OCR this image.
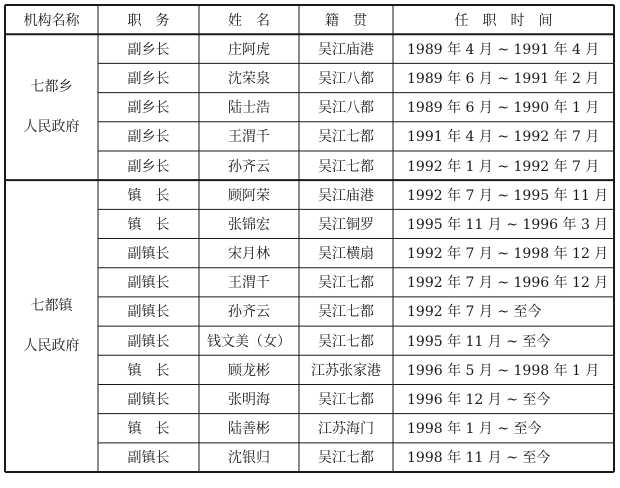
机构名称	职　务	姓　名	籍　贯	任　职　时　间

七都乡
人民政府	副乡长	庄阿虎	吴江庙港	1989 年 4 月 ~ 1991 年 4 月
	副乡长	沈荣泉	吴江八都	1989 年 6 月 ~ 1991 年 2 月
	副乡长	陆士浩	吴江八都	1989 年 6 月 ~ 1990 年 1 月
	副乡长	王渭千	吴江七都	1991 年 4 月 ~ 1992 年 7 月
	副乡长	孙齐云	吴江七都	1992 年 1 月 ~ 1992 年 7 月

七都镇
人民政府	镇　长	顾阿荣	吴江庙港	1992 年 7 月 ~ 1995 年 11 月
	镇　长	张锦宏	吴江铜罗	1995 年 11 月 ~ 1996 年 3 月
	副镇长	宋月林	吴江横扇	1992 年 7 月 ~ 1998 年 12 月
	副镇长	王渭千	吴江七都	1992 年 7 月 ~ 1996 年 12 月
	副镇长	孙齐云	吴江七都	1992 年 7 月 ~ 至今
	副镇长	钱文美（女）	吴江七都	1995 年 11 月 ~ 至今
	镇　长	顾龙彬	江苏张家港	1996 年 5 月 ~ 1998 年 1 月
	副镇长	张明海	吴江七都	1996 年 12 月 ~ 至今
	镇　长	陆善彬	江苏海门	1998 年 1 月 ~ 至今
	副镇长	沈银归	吴江七都	1998 年 11 月 ~ 至今
